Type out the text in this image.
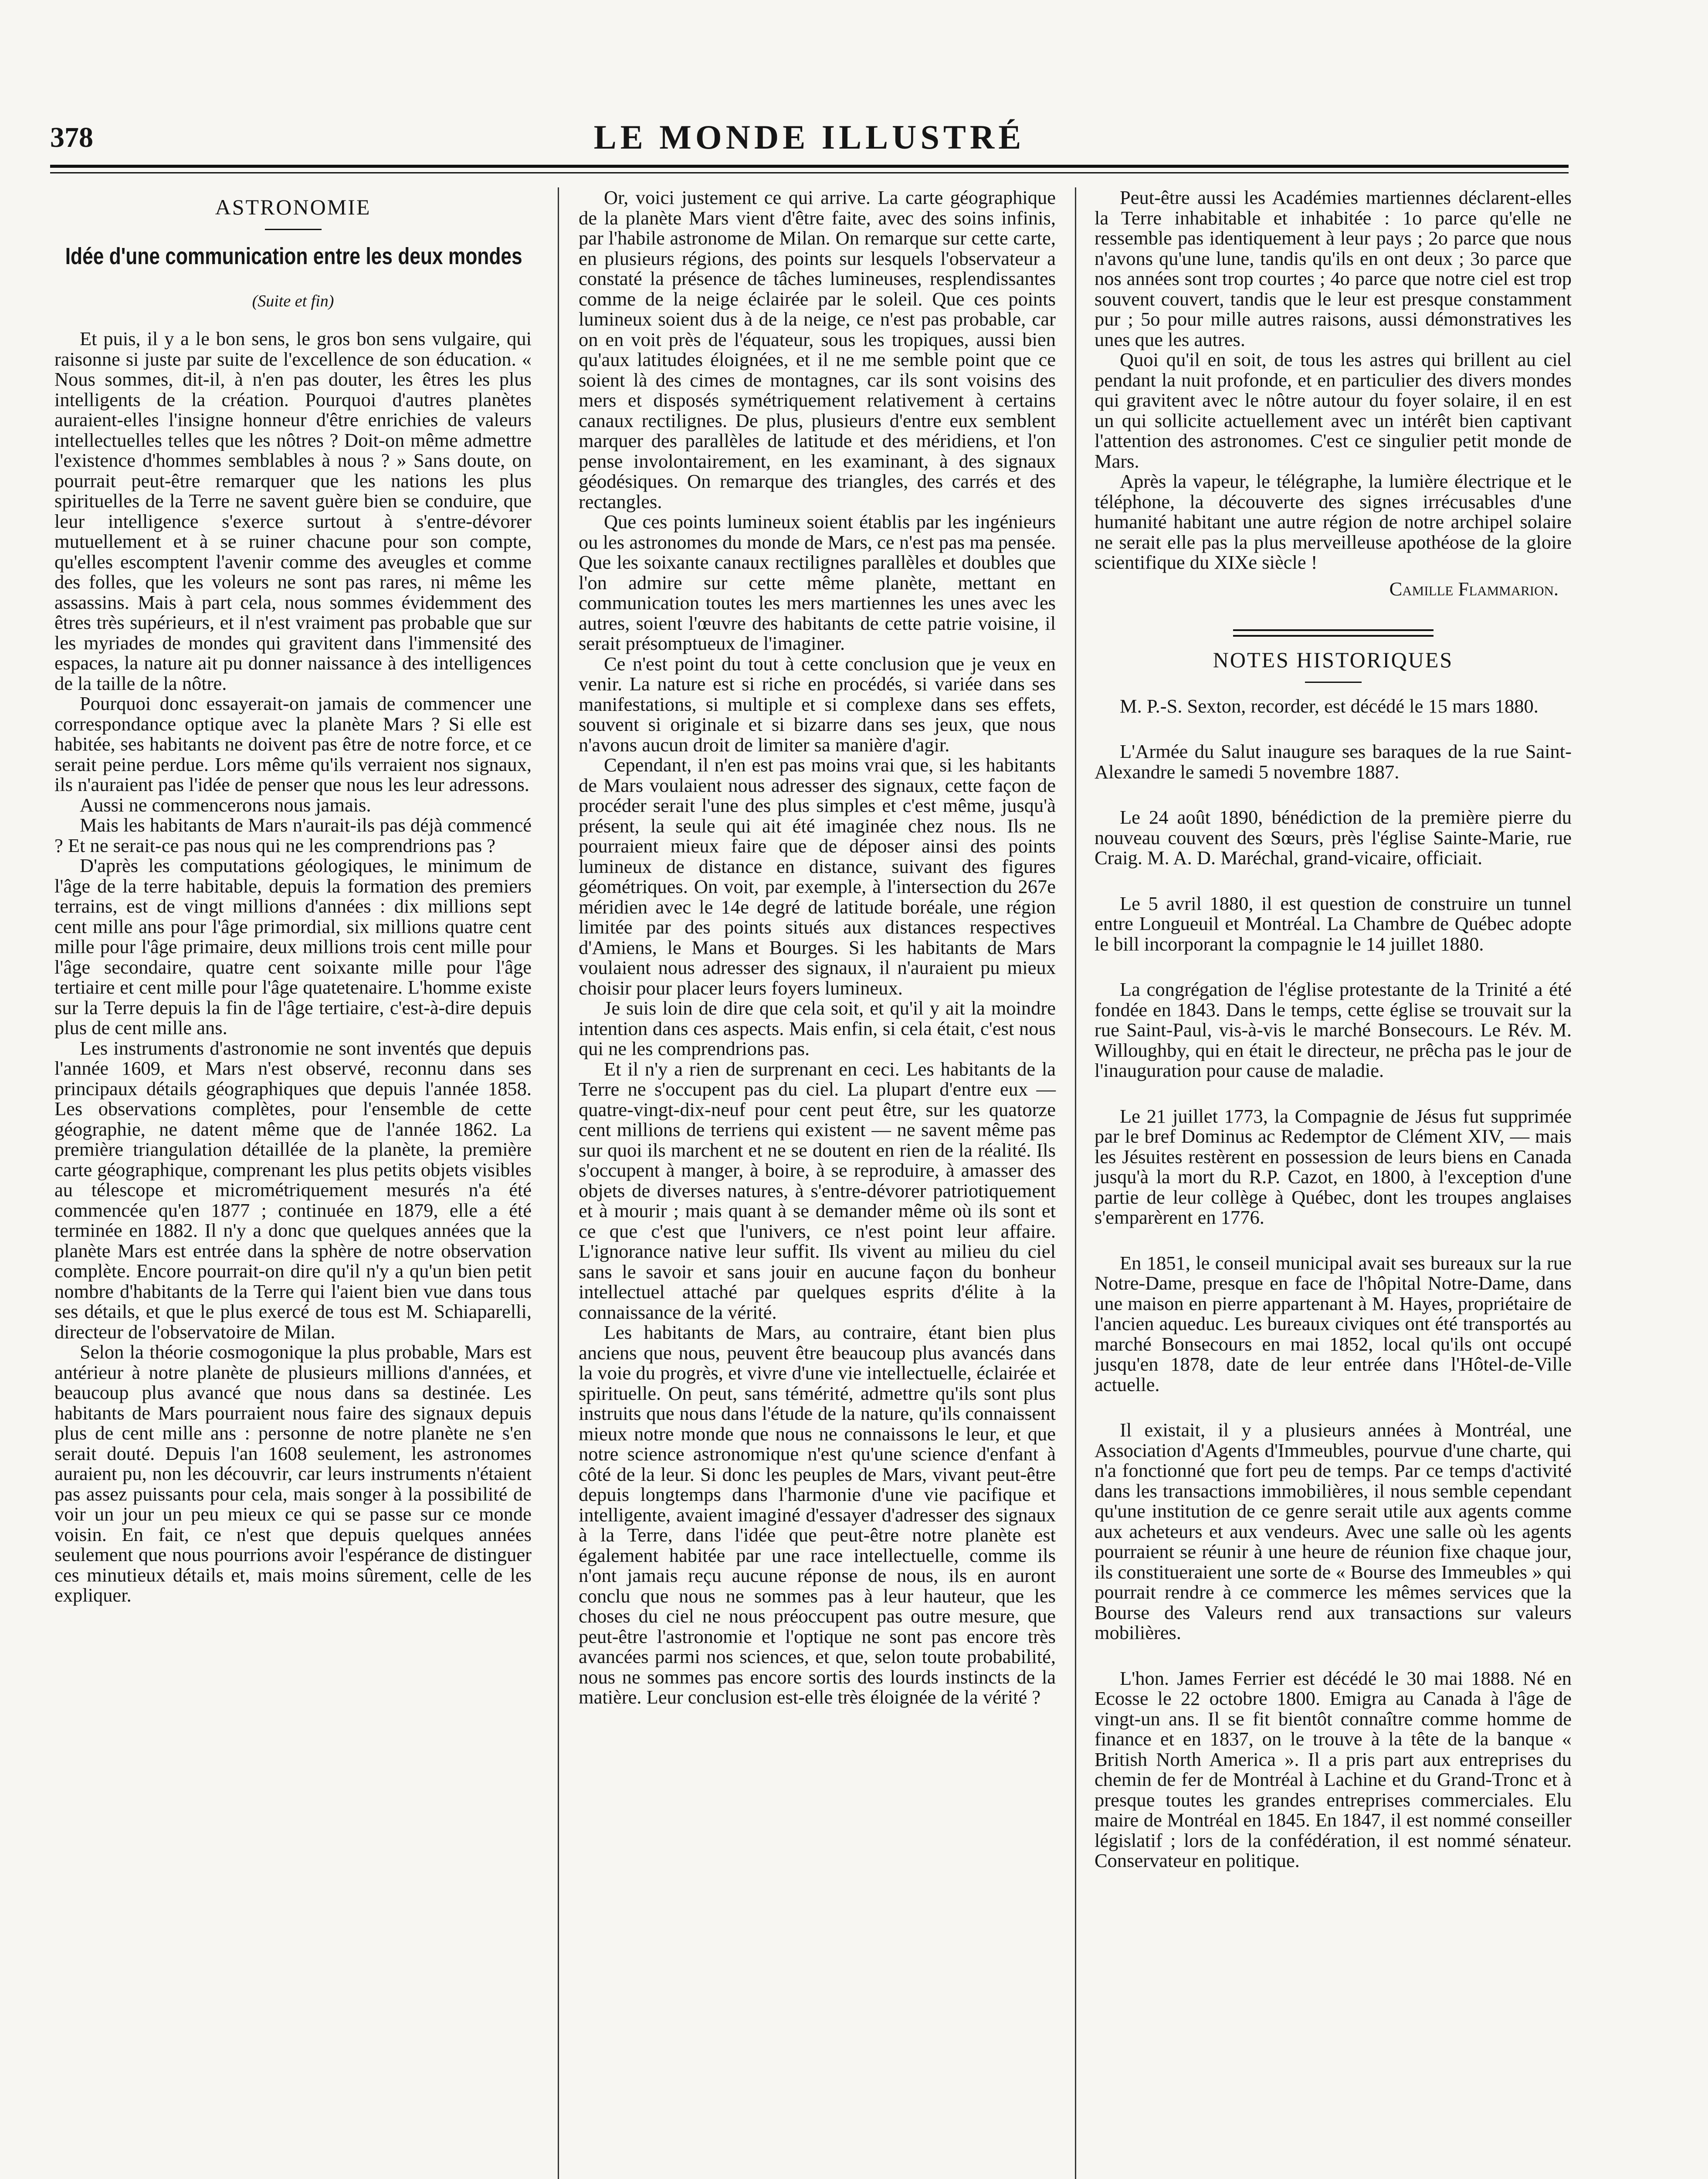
378	LE MONDE ILLUSTRÉ
ASTRONOMIE
Idée d'une communication entre les deux mondes
(Suite et fin)

Et puis, il y a le bon sens, le gros bon sens vulgaire, qui raisonne si juste par suite de l'excellence de son éducation. « Nous sommes, dit-il, à n'en pas douter, les êtres les plus intelligents de la création. Pourquoi d'autres planètes auraient-elles l'insigne honneur d'être enrichies de valeurs intellectuelles telles que les nôtres ? Doit-on même admettre l'existence d'hommes semblables à nous ? » Sans doute, on pourrait peut-être remarquer que les nations les plus spirituelles de la Terre ne savent guère bien se conduire, que leur intelligence s'exerce surtout à s'entre-dévorer mutuellement et à se ruiner chacune pour son compte, qu'elles escomptent l'avenir comme des aveugles et comme des folles, que les voleurs ne sont pas rares, ni même les assassins. Mais à part cela, nous sommes évidemment des êtres très supérieurs, et il n'est vraiment pas probable que sur les myriades de mondes qui gravitent dans l'immensité des espaces, la nature ait pu donner naissance à des intelligences de la taille de la nôtre.

Pourquoi donc essayerait-on jamais de commencer une correspondance optique avec la planète Mars ? Si elle est habitée, ses habitants ne doivent pas être de notre force, et ce serait peine perdue. Lors même qu'ils verraient nos signaux, ils n'auraient pas l'idée de penser que nous les leur adressons.

Aussi ne commencerons nous jamais.

Mais les habitants de Mars n'aurait-ils pas déjà commencé ? Et ne serait-ce pas nous qui ne les comprendrions pas ?

D'après les computations géologiques, le minimum de l'âge de la terre habitable, depuis la formation des premiers terrains, est de vingt millions d'années : dix millions sept cent mille ans pour l'âge primordial, six millions quatre cent mille pour l'âge primaire, deux millions trois cent mille pour l'âge secondaire, quatre cent soixante mille pour l'âge tertiaire et cent mille pour l'âge quatetenaire. L'homme existe sur la Terre depuis la fin de l'âge tertiaire, c'est-à-dire depuis plus de cent mille ans.

Les instruments d'astronomie ne sont inventés que depuis l'année 1609, et Mars n'est observé, reconnu dans ses principaux détails géographiques que depuis l'année 1858. Les observations complètes, pour l'ensemble de cette géographie, ne datent même que de l'année 1862. La première triangulation détaillée de la planète, la première carte géographique, comprenant les plus petits objets visibles au télescope et micrométriquement mesurés n'a été commencée qu'en 1877 ; continuée en 1879, elle a été terminée en 1882. Il n'y a donc que quelques années que la planète Mars est entrée dans la sphère de notre observation complète. Encore pourrait-on dire qu'il n'y a qu'un bien petit nombre d'habitants de la Terre qui l'aient bien vue dans tous ses détails, et que le plus exercé de tous est M. Schiaparelli, directeur de l'observatoire de Milan.

Selon la théorie cosmogonique la plus probable, Mars est antérieur à notre planète de plusieurs millions d'années, et beaucoup plus avancé que nous dans sa destinée. Les habitants de Mars pourraient nous faire des signaux depuis plus de cent mille ans : personne de notre planète ne s'en serait douté. Depuis l'an 1608 seulement, les astronomes auraient pu, non les découvrir, car leurs instruments n'étaient pas assez puissants pour cela, mais songer à la possibilité de voir un jour un peu mieux ce qui se passe sur ce monde voisin. En fait, ce n'est que depuis quelques années seulement que nous pourrions avoir l'espérance de distinguer ces minutieux détails et, mais moins sûrement, celle de les expliquer.

Or, voici justement ce qui arrive. La carte géographique de la planète Mars vient d'être faite, avec des soins infinis, par l'habile astronome de Milan. On remarque sur cette carte, en plusieurs régions, des points sur lesquels l'observateur a constaté la présence de tâches lumineuses, resplendissantes comme de la neige éclairée par le soleil. Que ces points lumineux soient dus à de la neige, ce n'est pas probable, car on en voit près de l'équateur, sous les tropiques, aussi bien qu'aux latitudes éloignées, et il ne me semble point que ce soient là des cimes de montagnes, car ils sont voisins des mers et disposés symétriquement relativement à certains canaux rectilignes. De plus, plusieurs d'entre eux semblent marquer des parallèles de latitude et des méridiens, et l'on pense involontairement, en les examinant, à des signaux géodésiques. On remarque des triangles, des carrés et des rectangles.

Que ces points lumineux soient établis par les ingénieurs ou les astronomes du monde de Mars, ce n'est pas ma pensée. Que les soixante canaux rectilignes parallèles et doubles que l'on admire sur cette même planète, mettant en communication toutes les mers martiennes les unes avec les autres, soient l'œuvre des habitants de cette patrie voisine, il serait présomptueux de l'imaginer.

Ce n'est point du tout à cette conclusion que je veux en venir. La nature est si riche en procédés, si variée dans ses manifestations, si multiple et si complexe dans ses effets, souvent si originale et si bizarre dans ses jeux, que nous n'avons aucun droit de limiter sa manière d'agir.

Cependant, il n'en est pas moins vrai que, si les habitants de Mars voulaient nous adresser des signaux, cette façon de procéder serait l'une des plus simples et c'est même, jusqu'à présent, la seule qui ait été imaginée chez nous. Ils ne pourraient mieux faire que de déposer ainsi des points lumineux de distance en distance, suivant des figures géométriques. On voit, par exemple, à l'intersection du 267e méridien avec le 14e degré de latitude boréale, une région limitée par des points situés aux distances respectives d'Amiens, le Mans et Bourges. Si les habitants de Mars voulaient nous adresser des signaux, il n'auraient pu mieux choisir pour placer leurs foyers lumineux.

Je suis loin de dire que cela soit, et qu'il y ait la moindre intention dans ces aspects. Mais enfin, si cela était, c'est nous qui ne les comprendrions pas.

Et il n'y a rien de surprenant en ceci. Les habitants de la Terre ne s'occupent pas du ciel. La plupart d'entre eux — quatre-vingt-dix-neuf pour cent peut être, sur les quatorze cent millions de terriens qui existent — ne savent même pas sur quoi ils marchent et ne se doutent en rien de la réalité. Ils s'occupent à manger, à boire, à se reproduire, à amasser des objets de diverses natures, à s'entre-dévorer patriotiquement et à mourir ; mais quant à se demander même où ils sont et ce que c'est que l'univers, ce n'est point leur affaire. L'ignorance native leur suffit. Ils vivent au milieu du ciel sans le savoir et sans jouir en aucune façon du bonheur intellectuel attaché par quelques esprits d'élite à la connaissance de la vérité.

Les habitants de Mars, au contraire, étant bien plus anciens que nous, peuvent être beaucoup plus avancés dans la voie du progrès, et vivre d'une vie intellectuelle, éclairée et spirituelle. On peut, sans témérité, admettre qu'ils sont plus instruits que nous dans l'étude de la nature, qu'ils connaissent mieux notre monde que nous ne connaissons le leur, et que notre science astronomique n'est qu'une science d'enfant à côté de la leur. Si donc les peuples de Mars, vivant peut-être depuis longtemps dans l'harmonie d'une vie pacifique et intelligente, avaient imaginé d'essayer d'adresser des signaux à la Terre, dans l'idée que peut-être notre planète est également habitée par une race intellectuelle, comme ils n'ont jamais reçu aucune réponse de nous, ils en auront conclu que nous ne sommes pas à leur hauteur, que les choses du ciel ne nous préoccupent pas outre mesure, que peut-être l'astronomie et l'optique ne sont pas encore très avancées parmi nos sciences, et que, selon toute probabilité, nous ne sommes pas encore sortis des lourds instincts de la matière. Leur conclusion est-elle très éloignée de la vérité ?

Peut-être aussi les Académies martiennes déclarent-elles la Terre inhabitable et inhabitée : 1o parce qu'elle ne ressemble pas identiquement à leur pays ; 2o parce que nous n'avons qu'une lune, tandis qu'ils en ont deux ; 3o parce que nos années sont trop courtes ; 4o parce que notre ciel est trop souvent couvert, tandis que le leur est presque constamment pur ; 5o pour mille autres raisons, aussi démonstratives les unes que les autres.

Quoi qu'il en soit, de tous les astres qui brillent au ciel pendant la nuit profonde, et en particulier des divers mondes qui gravitent avec le nôtre autour du foyer solaire, il en est un qui sollicite actuellement avec un intérêt bien captivant l'attention des astronomes. C'est ce singulier petit monde de Mars.

Après la vapeur, le télégraphe, la lumière électrique et le téléphone, la découverte des signes irrécusables d'une humanité habitant une autre région de notre archipel solaire ne serait elle pas la plus merveilleuse apothéose de la gloire scientifique du XIXe siècle !

Camille Flammarion.
NOTES HISTORIQUES

M. P.-S. Sexton, recorder, est décédé le 15 mars 1880.

L'Armée du Salut inaugure ses baraques de la rue Saint-Alexandre le samedi 5 novembre 1887.

Le 24 août 1890, bénédiction de la première pierre du nouveau couvent des Sœurs, près l'église Sainte-Marie, rue Craig. M. A. D. Maréchal, grand-vicaire, officiait.

Le 5 avril 1880, il est question de construire un tunnel entre Longueuil et Montréal. La Chambre de Québec adopte le bill incorporant la compagnie le 14 juillet 1880.

La congrégation de l'église protestante de la Trinité a été fondée en 1843. Dans le temps, cette église se trouvait sur la rue Saint-Paul, vis-à-vis le marché Bonsecours. Le Rév. M. Willoughby, qui en était le directeur, ne prêcha pas le jour de l'inauguration pour cause de maladie.

Le 21 juillet 1773, la Compagnie de Jésus fut supprimée par le bref Dominus ac Redemptor de Clément XIV, — mais les Jésuites restèrent en possession de leurs biens en Canada jusqu'à la mort du R.P. Cazot, en 1800, à l'exception d'une partie de leur collège à Québec, dont les troupes anglaises s'emparèrent en 1776.

En 1851, le conseil municipal avait ses bureaux sur la rue Notre-Dame, presque en face de l'hôpital Notre-Dame, dans une maison en pierre appartenant à M. Hayes, propriétaire de l'ancien aqueduc. Les bureaux civiques ont été transportés au marché Bonsecours en mai 1852, local qu'ils ont occupé jusqu'en 1878, date de leur entrée dans l'Hôtel-de-Ville actuelle.

Il existait, il y a plusieurs années à Montréal, une Association d'Agents d'Immeubles, pourvue d'une charte, qui n'a fonctionné que fort peu de temps. Par ce temps d'activité dans les transactions immobilières, il nous semble cependant qu'une institution de ce genre serait utile aux agents comme aux acheteurs et aux vendeurs. Avec une salle où les agents pourraient se réunir à une heure de réunion fixe chaque jour, ils constitueraient une sorte de « Bourse des Immeubles » qui pourrait rendre à ce commerce les mêmes services que la Bourse des Valeurs rend aux transactions sur valeurs mobilières.

L'hon. James Ferrier est décédé le 30 mai 1888. Né en Ecosse le 22 octobre 1800. Emigra au Canada à l'âge de vingt-un ans. Il se fit bientôt connaître comme homme de finance et en 1837, on le trouve à la tête de la banque « British North America ». Il a pris part aux entreprises du chemin de fer de Montréal à Lachine et du Grand-Tronc et à presque toutes les grandes entreprises commerciales. Elu maire de Montréal en 1845. En 1847, il est nommé conseiller législatif ; lors de la confédération, il est nommé sénateur. Conservateur en politique.
